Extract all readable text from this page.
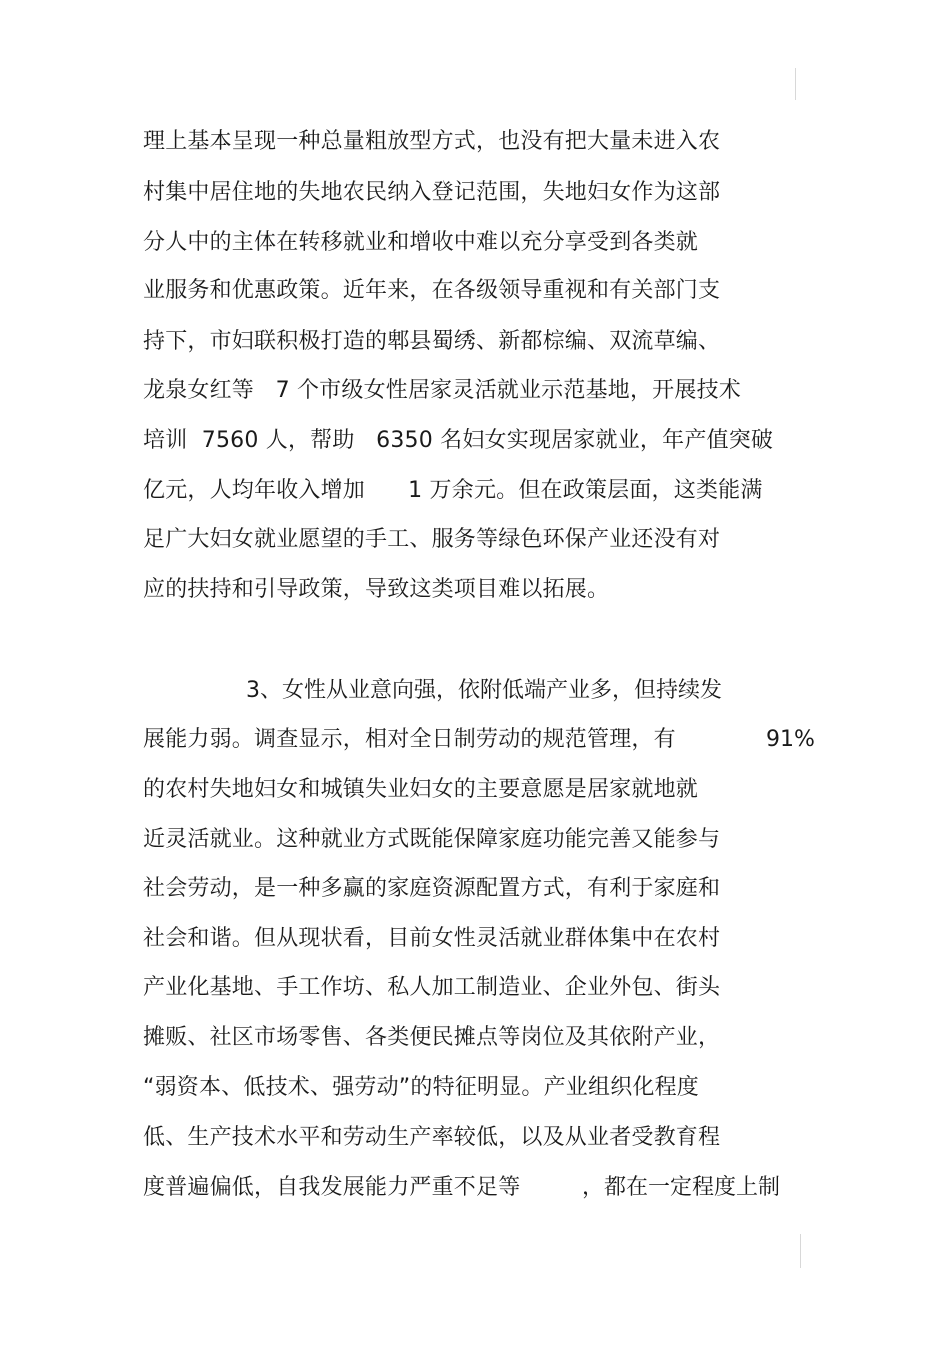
理上基本呈现一种总量粗放型方式，也没有把大量未进入农
村集中居住地的失地农民纳入登记范围，失地妇女作为这部
分人中的主体在转移就业和增收中难以充分享受到各类就
业服务和优惠政策。近年来，在各级领导重视和有关部门支
持下，市妇联积极打造的郫县蜀绣、新都棕编、双流草编、
龙泉女红等   7 个市级女性居家灵活就业示范基地，开展技术
培训  7560 人，帮助   6350 名妇女实现居家就业，年产值突破
亿元，人均年收入增加      1 万余元。但在政策层面，这类能满
足广大妇女就业愿望的手工、服务等绿色环保产业还没有对
应的扶持和引导政策，导致这类项目难以拓展。
3、女性从业意向强，依附低端产业多，但持续发
展能力弱。调查显示，相对全日制劳动的规范管理，有	91%
的农村失地妇女和城镇失业妇女的主要意愿是居家就地就
近灵活就业。这种就业方式既能保障家庭功能完善又能参与
社会劳动，是一种多赢的家庭资源配置方式，有利于家庭和
社会和谐。但从现状看，目前女性灵活就业群体集中在农村
产业化基地、手工作坊、私人加工制造业、企业外包、街头
摊贩、社区市场零售、各类便民摊点等岗位及其依附产业，
“弱资本、低技术、强劳动”的特征明显。产业组织化程度
低、生产技术水平和劳动生产率较低，以及从业者受教育程
度普遍偏低，自我发展能力严重不足等	，都在一定程度上制
